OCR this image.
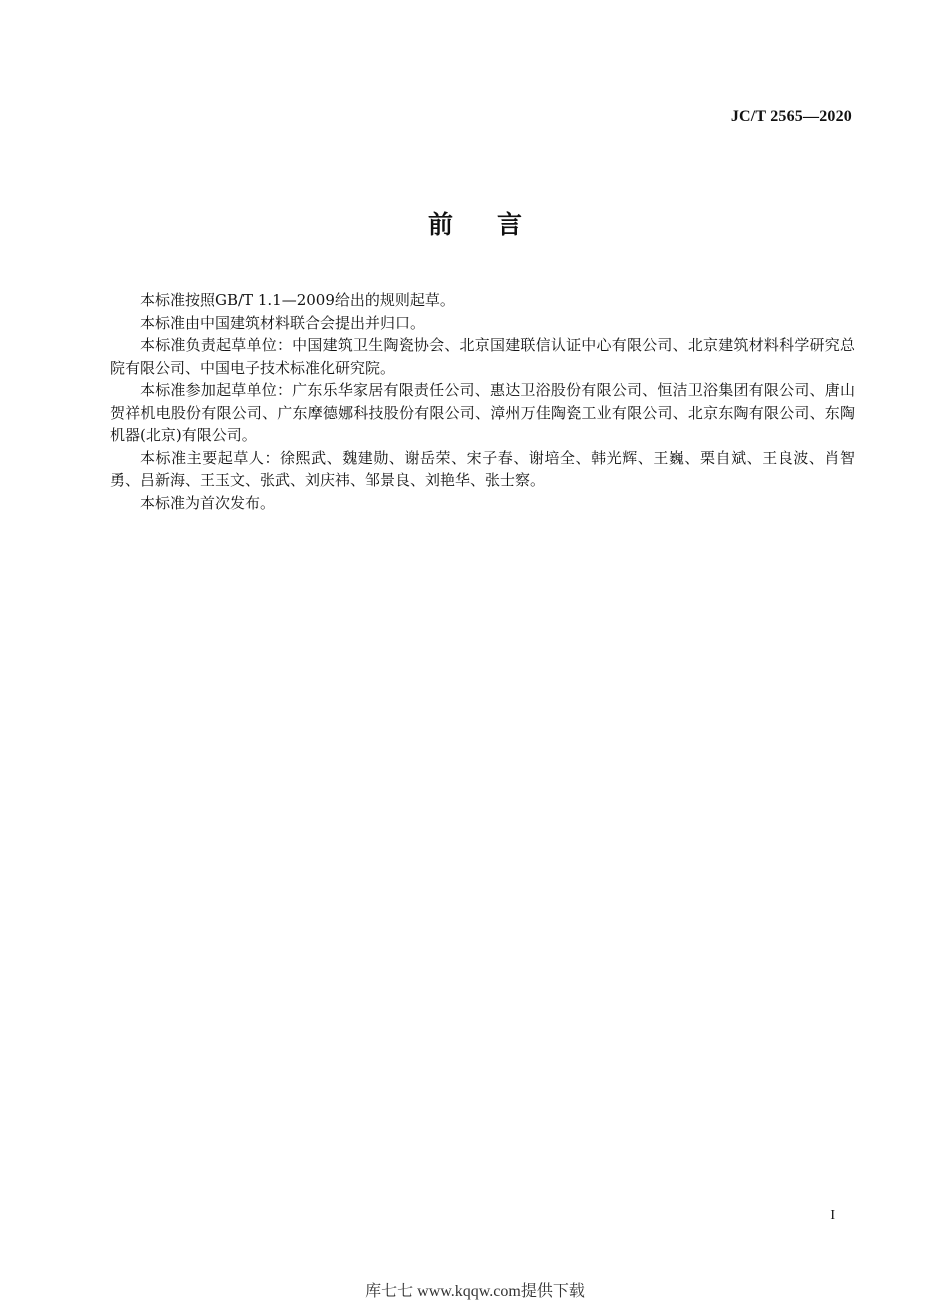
JC/T 2565—2020
前言

本标准按照GB/T 1.1—2009给出的规则起草。

本标准由中国建筑材料联合会提出并归口。

本标准负责起草单位：中国建筑卫生陶瓷协会、北京国建联信认证中心有限公司、北京建筑材料科学研究总院有限公司、中国电子技术标准化研究院。

本标准参加起草单位：广东乐华家居有限责任公司、惠达卫浴股份有限公司、恒洁卫浴集团有限公司、唐山贺祥机电股份有限公司、广东摩德娜科技股份有限公司、漳州万佳陶瓷工业有限公司、北京东陶有限公司、东陶机器(北京)有限公司。

本标准主要起草人：徐熙武、魏建勋、谢岳荣、宋子春、谢培全、韩光辉、王巍、栗自斌、王良波、肖智勇、吕新海、王玉文、张武、刘庆祎、邹景良、刘艳华、张士察。

本标准为首次发布。

I
库七七 www.kqqw.com提供下载
